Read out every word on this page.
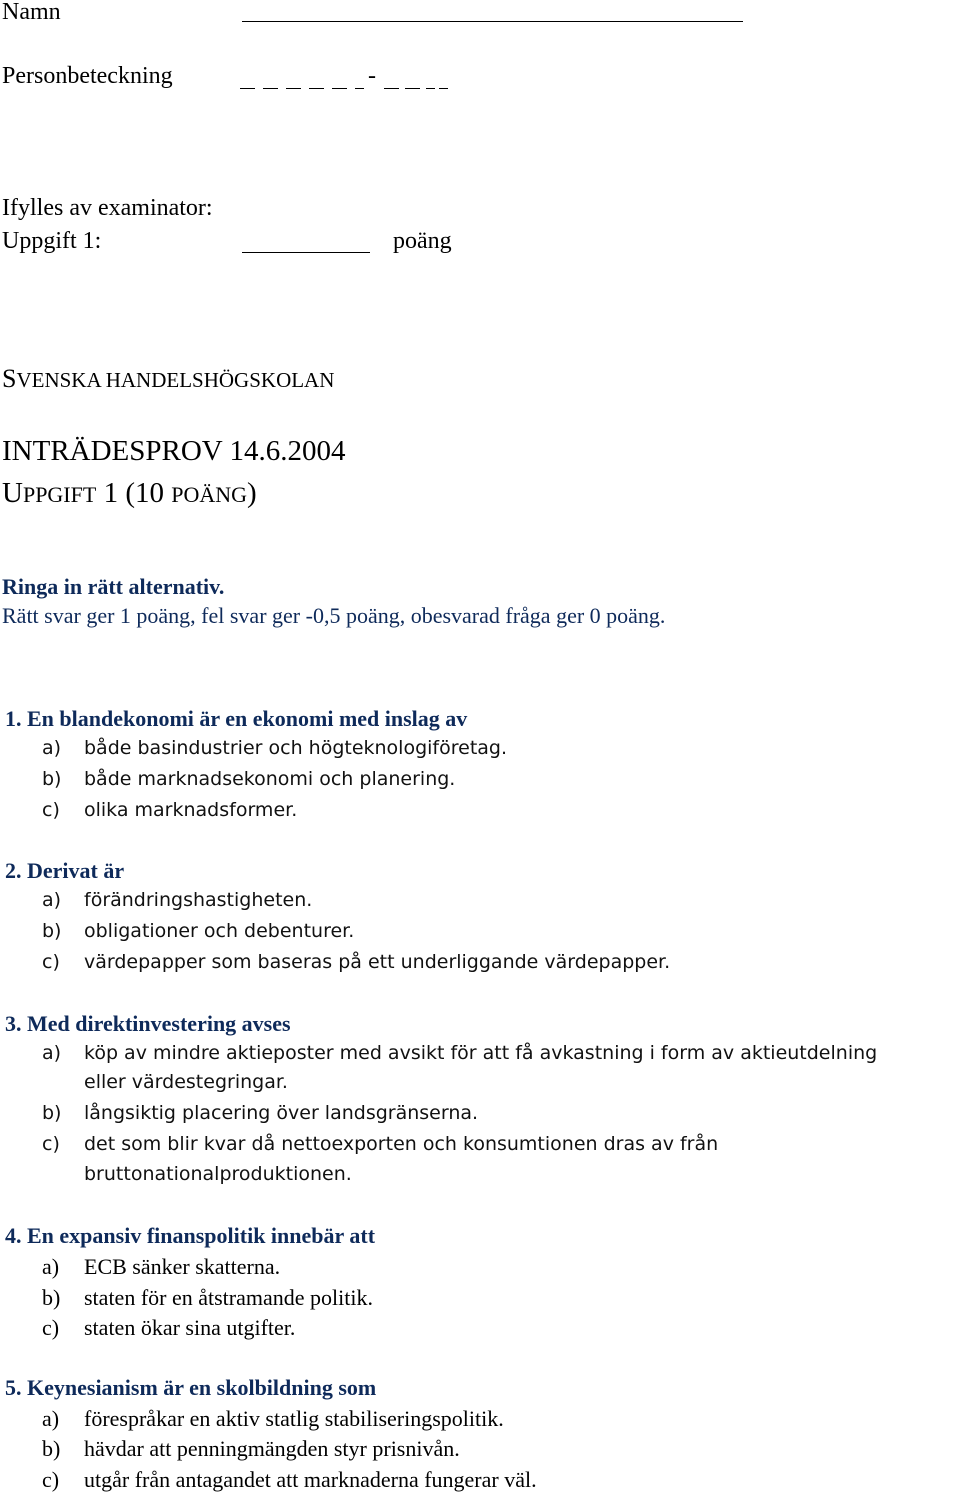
Namn
Personbeteckning	-
Ifylles av examinator:
Uppgift 1:	poäng
SVENSKA HANDELSHÖGSKOLAN
INTRÄDESPROV 14.6.2004
UPPGIFT 1 (10 POÄNG)
Ringa in rätt alternativ.
Rätt svar ger 1 poäng, fel svar ger -0,5 poäng, obesvarad fråga ger 0 poäng.
1. En blandekonomi är en ekonomi med inslag av
a) både basindustrier och högteknologiföretag.
b) både marknadsekonomi och planering.
c) olika marknadsformer.
2. Derivat är
a) förändringshastigheten.
b) obligationer och debenturer.
c) värdepapper som baseras på ett underliggande värdepapper.
3. Med direktinvestering avses
a) köp av mindre aktieposter med avsikt för att få avkastning i form av aktieutdelning
eller värdestegringar.
b) långsiktig placering över landsgränserna.
c) det som blir kvar då nettoexporten och konsumtionen dras av från
bruttonationalproduktionen.
4. En expansiv finanspolitik innebär att
a) ECB sänker skatterna.
b) staten för en åtstramande politik.
c) staten ökar sina utgifter.
5. Keynesianism är en skolbildning som
a) förespråkar en aktiv statlig stabiliseringspolitik.
b) hävdar att penningmängden styr prisnivån.
c) utgår från antagandet att marknaderna fungerar väl.
